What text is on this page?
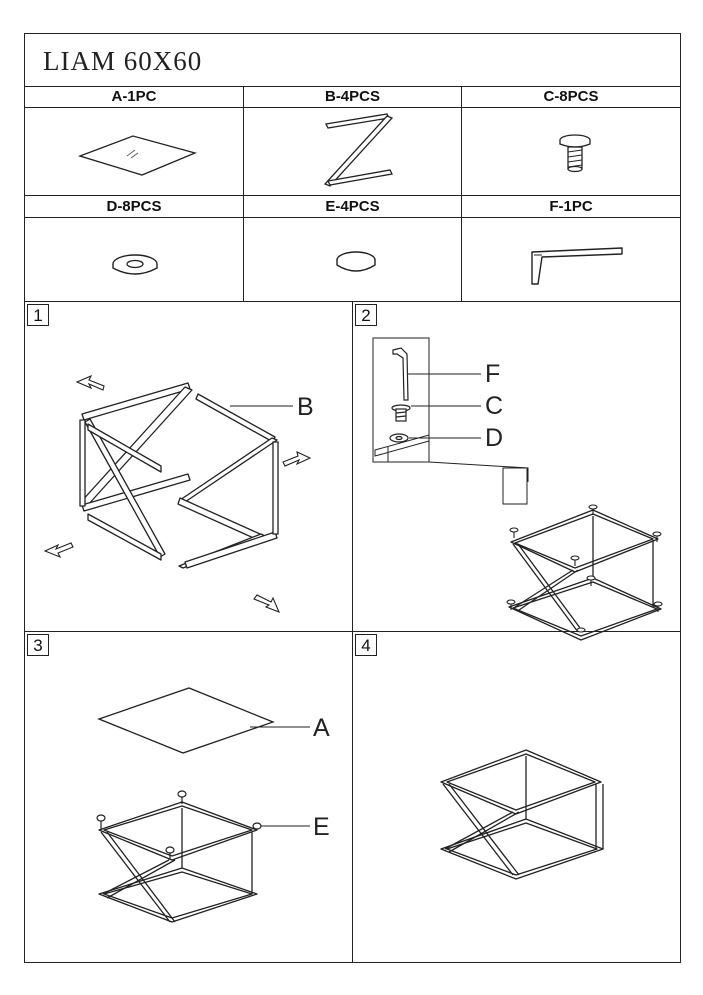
LIAM 60X60
A-1PC	B-4PCS	C-8PCS
D-8PCS	E-4PCS	F-1PC
1
B
2
F
C
D
3
A
E
4
